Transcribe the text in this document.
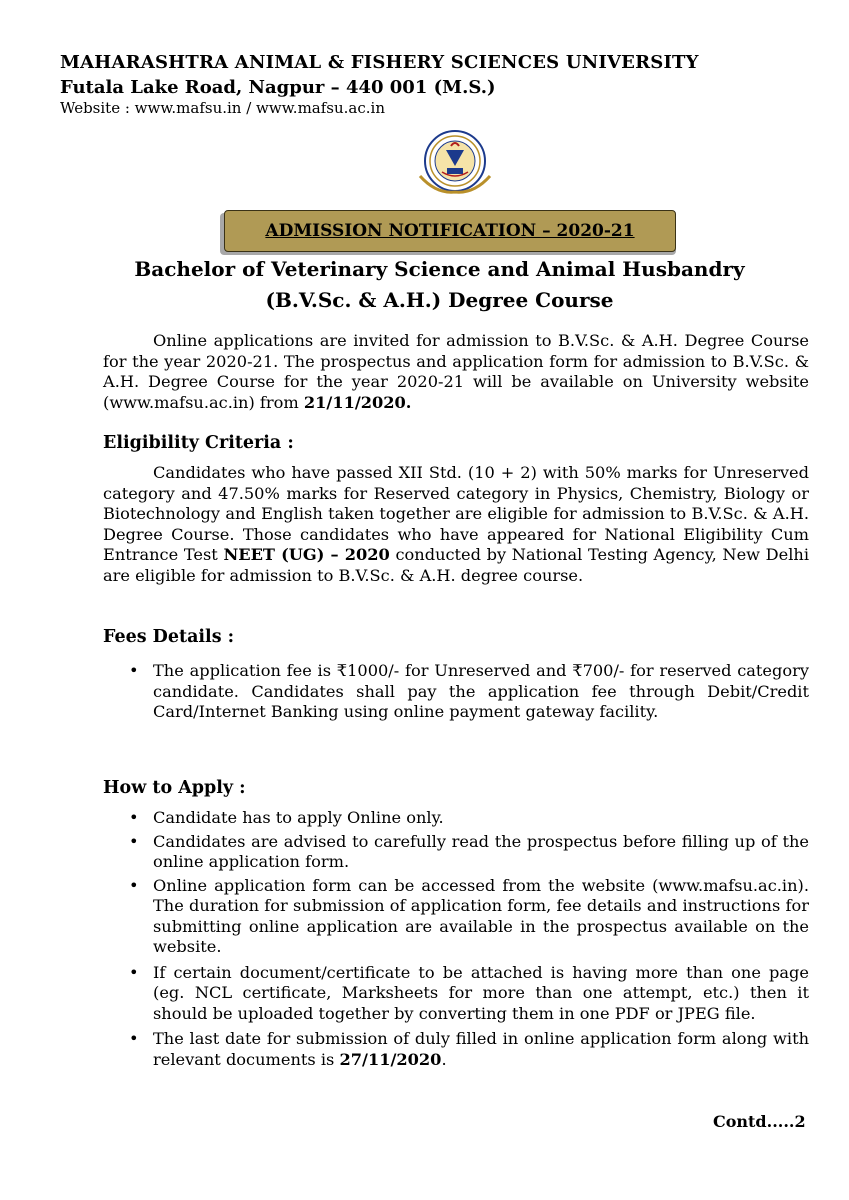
MAHARASHTRA ANIMAL & FISHERY SCIENCES UNIVERSITY
Futala Lake Road, Nagpur – 440 001 (M.S.)
Website : www.mafsu.in / www.mafsu.ac.in
ADMISSION NOTIFICATION – 2020-21
Bachelor of Veterinary Science and Animal Husbandry
(B.V.Sc. & A.H.) Degree Course
Online applications are invited for admission to B.V.Sc. & A.H. Degree Course for the year 2020-21. The prospectus and application form for admission to B.V.Sc. & A.H. Degree Course for the year 2020-21 will be available on University website (www.mafsu.ac.in) from 21/11/2020.
Eligibility Criteria :
Candidates who have passed XII Std. (10 + 2) with 50% marks for Unreserved category and 47.50% marks for Reserved category in Physics, Chemistry, Biology or Biotechnology and English taken together are eligible for admission to B.V.Sc. & A.H. Degree Course. Those candidates who have appeared for National Eligibility Cum Entrance Test NEET (UG) – 2020 conducted by National Testing Agency, New Delhi are eligible for admission to B.V.Sc. & A.H. degree course.
Fees Details :
• The application fee is ₹1000/- for Unreserved and ₹700/- for reserved category candidate. Candidates shall pay the application fee through Debit/Credit Card/Internet Banking using online payment gateway facility.
How to Apply :
• Candidate has to apply Online only.
• Candidates are advised to carefully read the prospectus before filling up of the online application form.
• Online application form can be accessed from the website (www.mafsu.ac.in). The duration for submission of application form, fee details and instructions for submitting online application are available in the prospectus available on the website.
• If certain document/certificate to be attached is having more than one page (eg. NCL certificate, Marksheets for more than one attempt, etc.) then it should be uploaded together by converting them in one PDF or JPEG file.
• The last date for submission of duly filled in online application form along with relevant documents is 27/11/2020.
Contd.....2
